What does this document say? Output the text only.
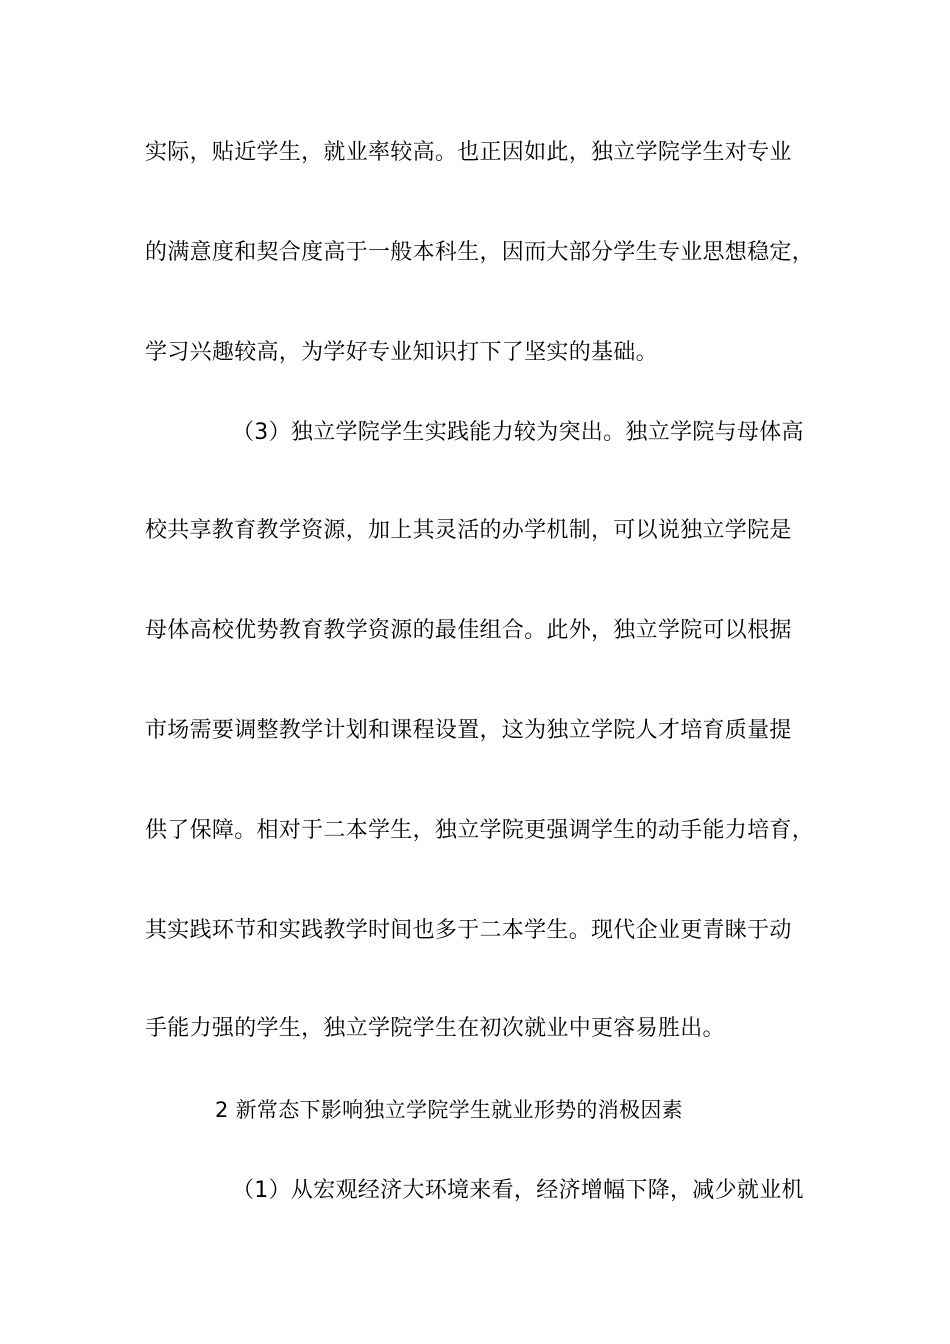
实际，贴近学生，就业率较高。也正因如此，独立学院学生对专业
的满意度和契合度高于一般本科生，因而大部分学生专业思想稳定，
学习兴趣较高，为学好专业知识打下了坚实的基础。
（3）独立学院学生实践能力较为突出。独立学院与母体高
校共享教育教学资源，加上其灵活的办学机制，可以说独立学院是
母体高校优势教育教学资源的最佳组合。此外，独立学院可以根据
市场需要调整教学计划和课程设置，这为独立学院人才培育质量提
供了保障。相对于二本学生，独立学院更强调学生的动手能力培育，
其实践环节和实践教学时间也多于二本学生。现代企业更青睐于动
手能力强的学生，独立学院学生在初次就业中更容易胜出。
2 新常态下影响独立学院学生就业形势的消极因素
（1）从宏观经济大环境来看，经济增幅下降，减少就业机
